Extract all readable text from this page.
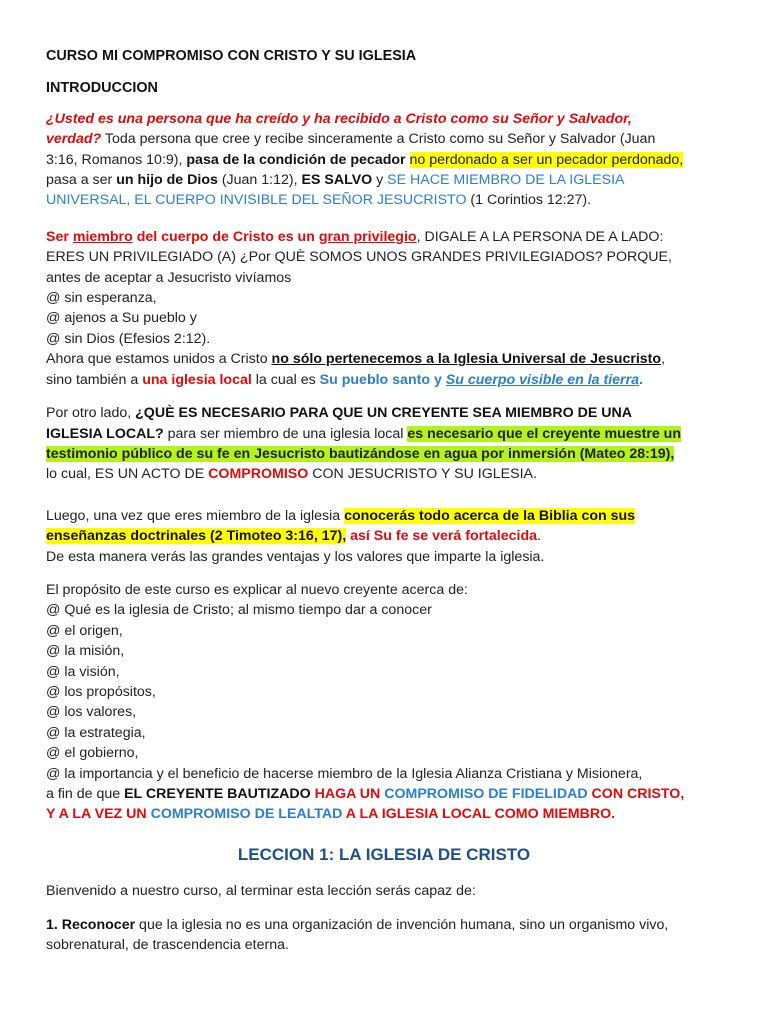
CURSO MI COMPROMISO CON CRISTO Y SU IGLESIA
INTRODUCCION
¿Usted es una persona que ha creído y ha recibido a Cristo como su Señor y Salvador,
verdad? Toda persona que cree y recibe sinceramente a Cristo como su Señor y Salvador (Juan
3:16, Romanos 10:9), pasa de la condición de pecador no perdonado a ser un pecador perdonado,
pasa a ser un hijo de Dios (Juan 1:12), ES SALVO y SE HACE MIEMBRO DE LA IGLESIA
UNIVERSAL, EL CUERPO INVISIBLE DEL SEÑOR JESUCRISTO (1 Corintios 12:27).
Ser miembro del cuerpo de Cristo es un gran privilegio, DIGALE A LA PERSONA DE A LADO:
ERES UN PRIVILEGIADO (A) ¿Por QUÈ SOMOS UNOS GRANDES PRIVILEGIADOS? PORQUE,
antes de aceptar a Jesucristo vivíamos
@ sin esperanza,
@ ajenos a Su pueblo y
@ sin Dios (Efesios 2:12).
Ahora que estamos unidos a Cristo no sólo pertenecemos a la Iglesia Universal de Jesucristo,
sino también a una iglesia local la cual es Su pueblo santo y Su cuerpo visible en la tierra.
Por otro lado, ¿QUÈ ES NECESARIO PARA QUE UN CREYENTE SEA MIEMBRO DE UNA
IGLESIA LOCAL? para ser miembro de una iglesia local es necesario que el creyente muestre un
testimonio público de su fe en Jesucristo bautizándose en agua por inmersión (Mateo 28:19),
lo cual, ES UN ACTO DE COMPROMISO CON JESUCRISTO Y SU IGLESIA.
Luego, una vez que eres miembro de la iglesia conocerás todo acerca de la Biblia con sus
enseñanzas doctrinales (2 Timoteo 3:16, 17), así Su fe se verá fortalecida.
De esta manera verás las grandes ventajas y los valores que imparte la iglesia.
El propósito de este curso es explicar al nuevo creyente acerca de:
@ Qué es la iglesia de Cristo; al mismo tiempo dar a conocer
@ el origen,
@ la misión,
@ la visión,
@ los propósitos,
@ los valores,
@ la estrategia,
@ el gobierno,
@ la importancia y el beneficio de hacerse miembro de la Iglesia Alianza Cristiana y Misionera,
a fin de que EL CREYENTE BAUTIZADO HAGA UN COMPROMISO DE FIDELIDAD CON CRISTO,
Y A LA VEZ UN COMPROMISO DE LEALTAD A LA IGLESIA LOCAL COMO MIEMBRO.
LECCION 1: LA IGLESIA DE CRISTO
Bienvenido a nuestro curso, al terminar esta lección serás capaz de:
1. Reconocer que la iglesia no es una organización de invención humana, sino un organismo vivo,
sobrenatural, de trascendencia eterna.
